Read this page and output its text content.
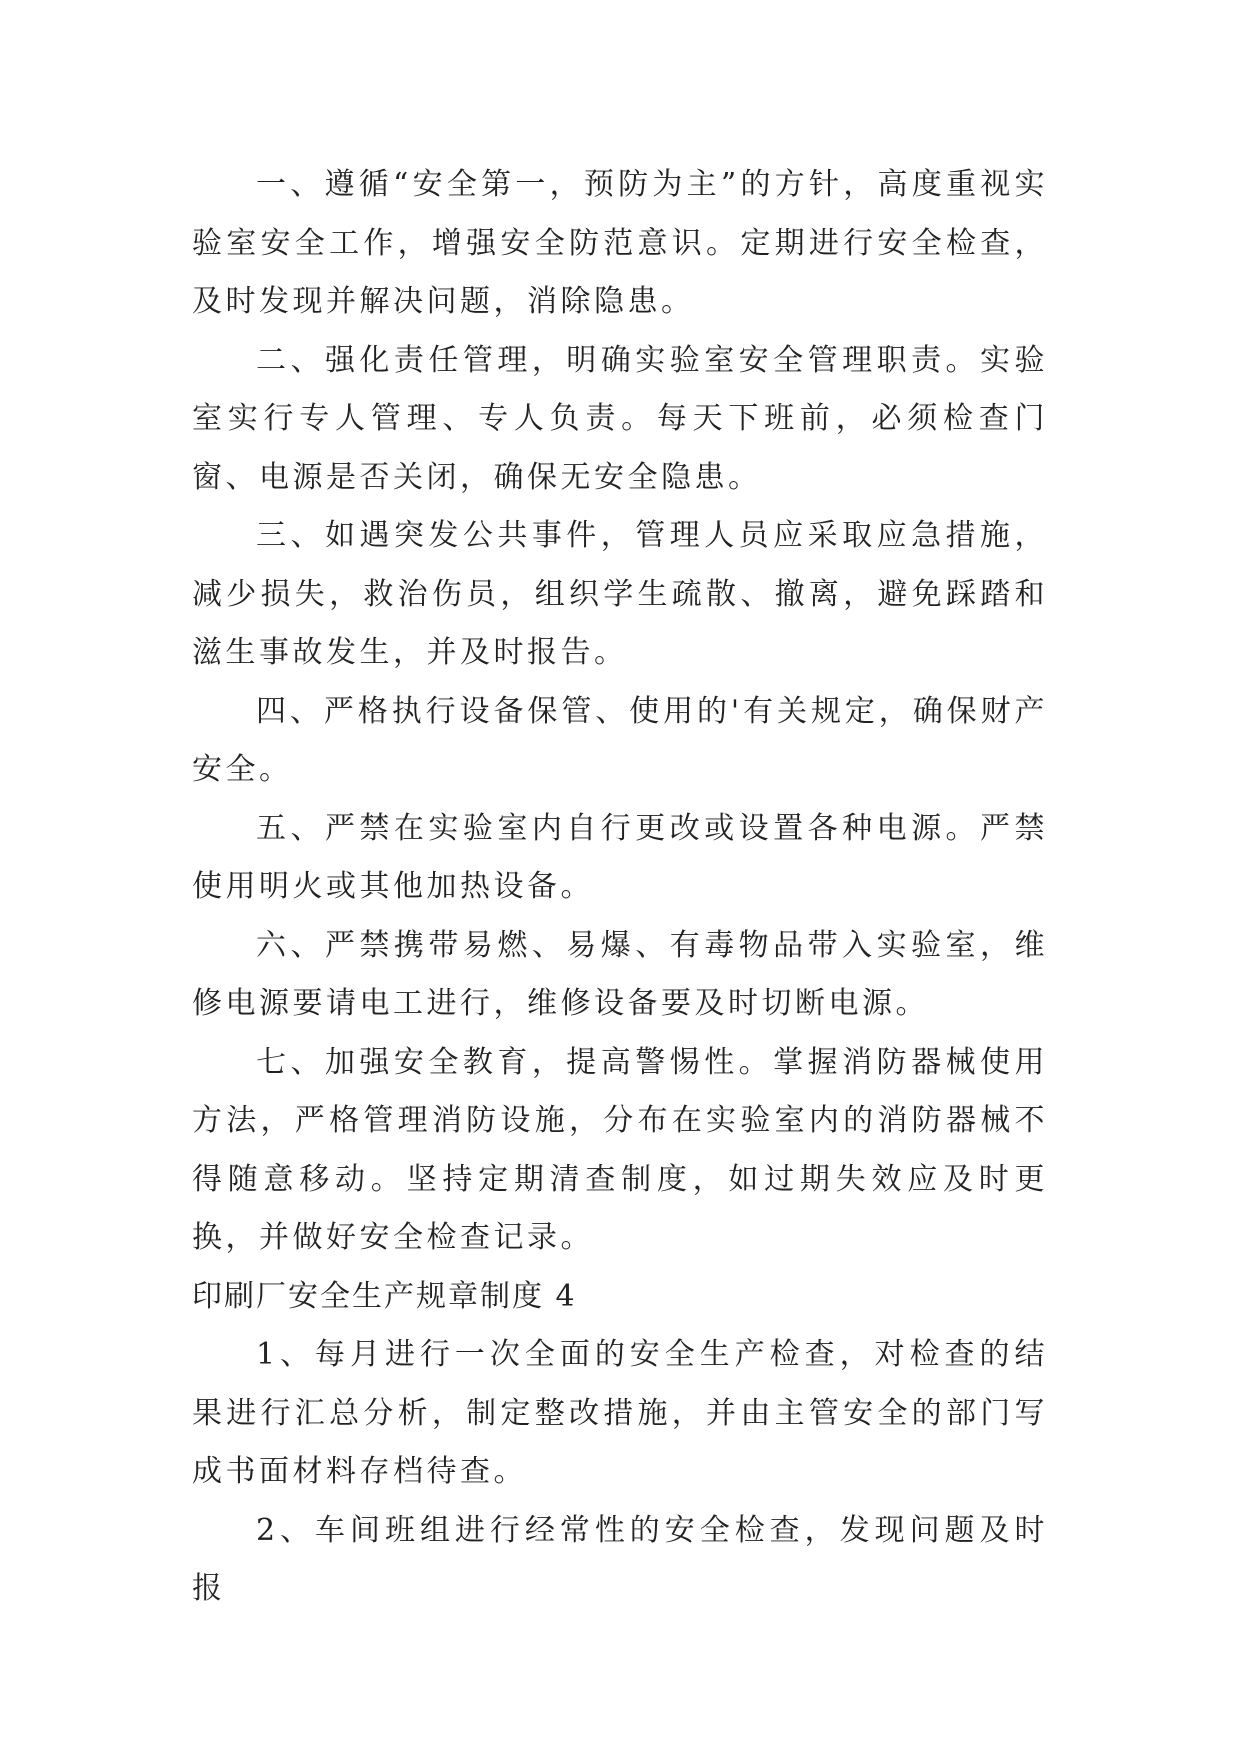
一、遵循“安全第一，预防为主”的方针，高度重视实验室安全工作，增强安全防范意识。定期进行安全检查，及时发现并解决问题，消除隐患。

二、强化责任管理，明确实验室安全管理职责。实验室实行专人管理、专人负责。每天下班前，必须检查门窗、电源是否关闭，确保无安全隐患。

三、如遇突发公共事件，管理人员应采取应急措施，减少损失，救治伤员，组织学生疏散、撤离，避免踩踏和滋生事故发生，并及时报告。

四、严格执行设备保管、使用的'有关规定，确保财产安全。

五、严禁在实验室内自行更改或设置各种电源。严禁使用明火或其他加热设备。

六、严禁携带易燃、易爆、有毒物品带入实验室，维修电源要请电工进行，维修设备要及时切断电源。

七、加强安全教育，提高警惕性。掌握消防器械使用方法，严格管理消防设施，分布在实验室内的消防器械不得随意移动。坚持定期清查制度，如过期失效应及时更换，并做好安全检查记录。

印刷厂安全生产规章制度 4

1、每月进行一次全面的安全生产检查，对检查的结果进行汇总分析，制定整改措施，并由主管安全的部门写成书面材料存档待查。

2、车间班组进行经常性的安全检查，发现问题及时报
